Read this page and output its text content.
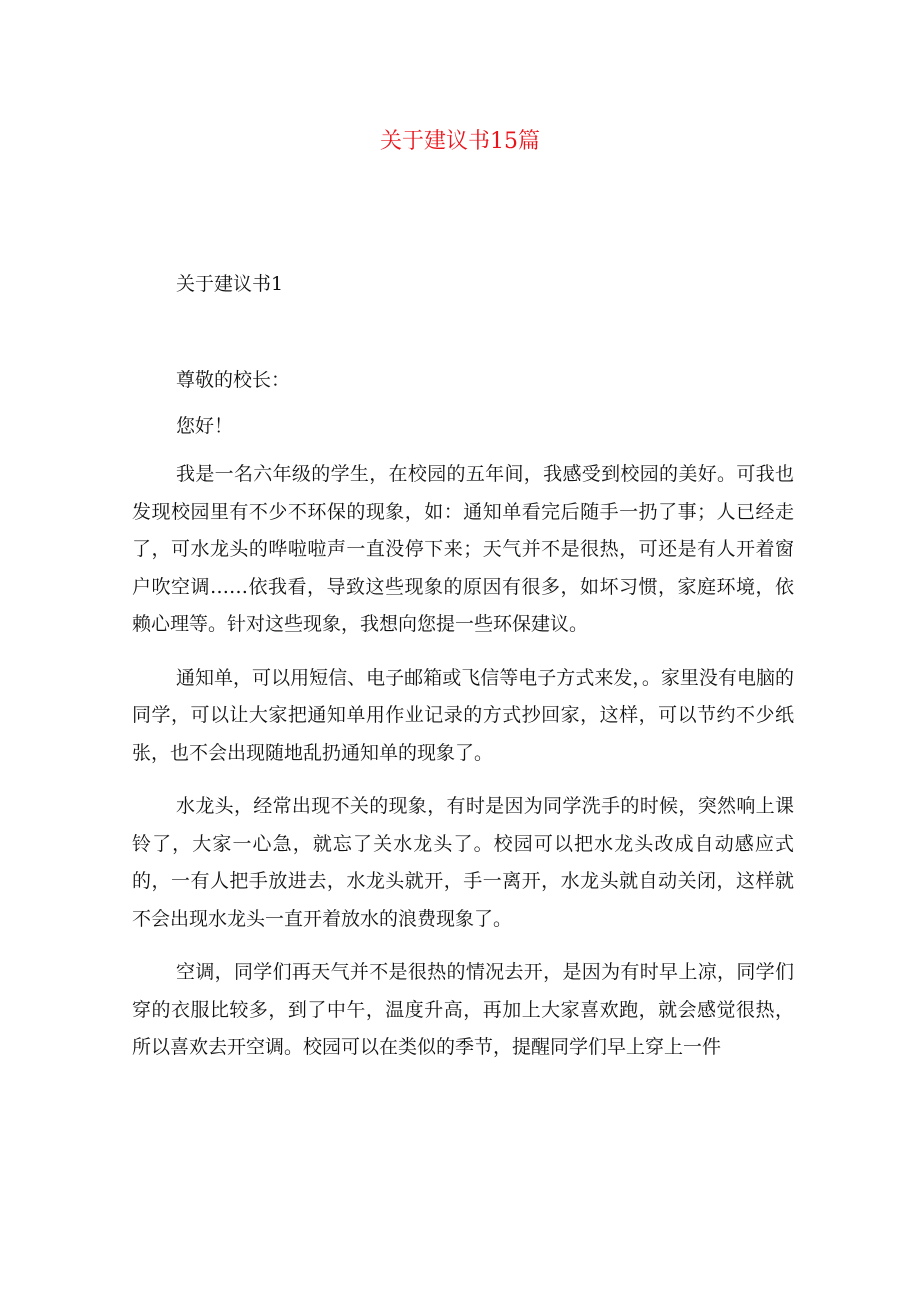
关于建议书15篇
关于建议书1

尊敬的校长：

您好！

我是一名六年级的学生，在校园的五年间，我感受到校园的美好。可我也发现校园里有不少不环保的现象，如：通知单看完后随手一扔了事；人已经走了，可水龙头的哗啦啦声一直没停下来；天气并不是很热，可还是有人开着窗户吹空调……依我看，导致这些现象的原因有很多，如坏习惯，家庭环境，依赖心理等。针对这些现象，我想向您提一些环保建议。

通知单，可以用短信、电子邮箱或飞信等电子方式来发，。家里没有电脑的同学，可以让大家把通知单用作业记录的方式抄回家，这样，可以节约不少纸张，也不会出现随地乱扔通知单的现象了。

水龙头，经常出现不关的现象，有时是因为同学洗手的时候，突然响上课铃了，大家一心急，就忘了关水龙头了。校园可以把水龙头改成自动感应式的，一有人把手放进去，水龙头就开，手一离开，水龙头就自动关闭，这样就不会出现水龙头一直开着放水的浪费现象了。

空调，同学们再天气并不是很热的情况去开，是因为有时早上凉，同学们穿的衣服比较多，到了中午，温度升高，再加上大家喜欢跑，就会感觉很热，所以喜欢去开空调。校园可以在类似的季节，提醒同学们早上穿上一件
